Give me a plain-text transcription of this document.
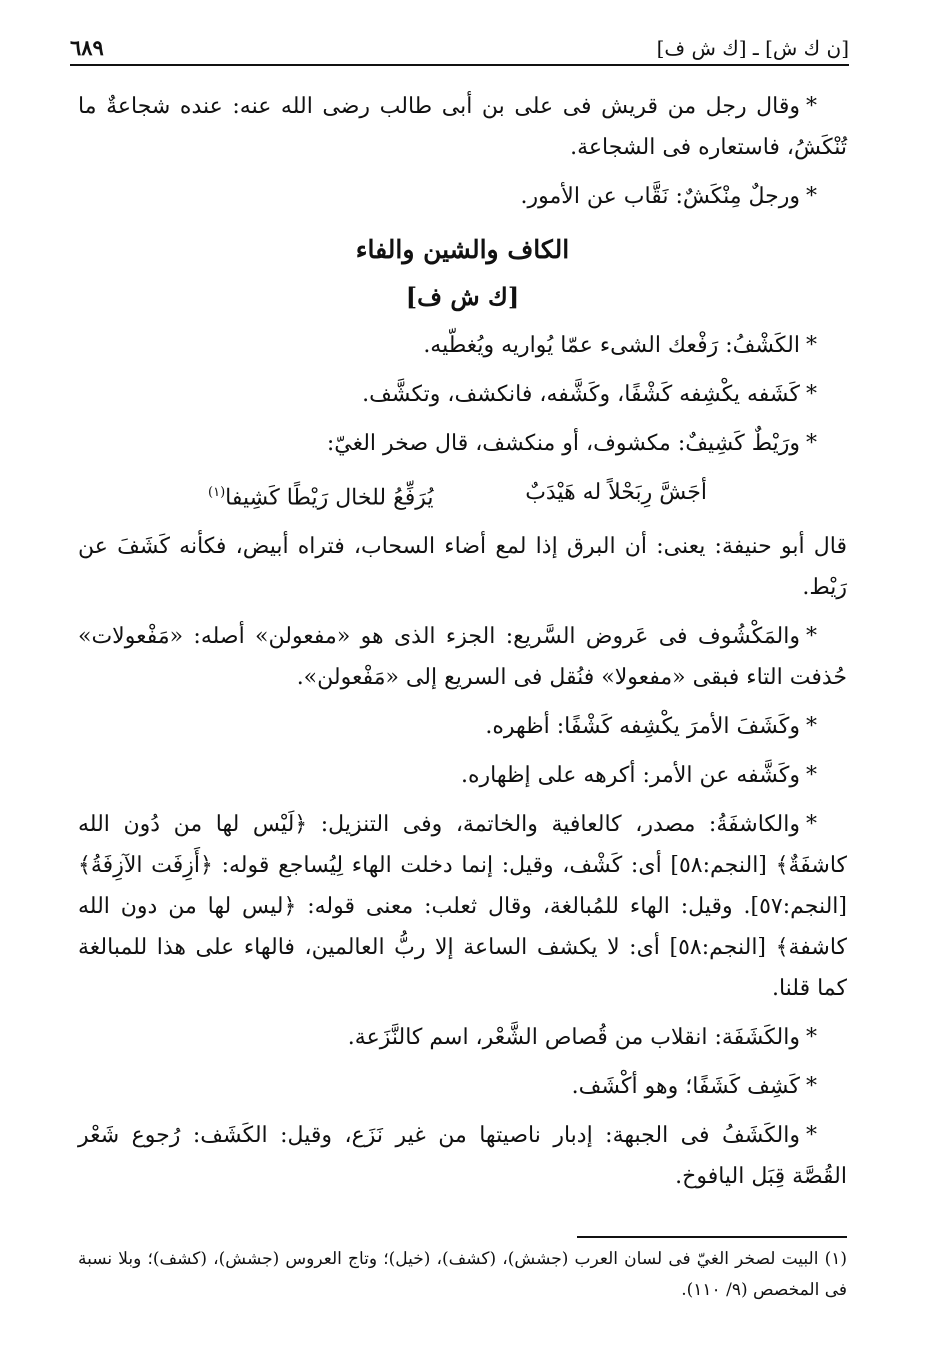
٦٨٩	[ن ك ش] ـ [ك ش ف]

*وقال رجل من قريش فى على بن أبى طالب رضى الله عنه: عنده شجاعةٌ ما تُنْكَشُ، فاستعاره فى الشجاعة.

*ورجلٌ مِنْكَشٌ: نَقَّاب عن الأمور.

الكاف والشين والفاء
[ك ش ف]

*الكَشْفُ: رَفْعك الشىء عمّا يُواريه ويُغطّيه.

*كَشَفه يكْشِفه كَشْفًا، وكَشَّفه، فانكشف، وتكشَّف.

*ورَيْطٌ كَشِيفٌ: مكشوف، أو منكشف، قال صخر الغيّ:

أجَشَّ رِبَحْلاً له هَيْدَبٌ
يُرَفِّعُ للخال رَيْطًا كَشِيفا$^{(١)}$

قال أبو حنيفة: يعنى: أن البرق إذا لمع أضاء السحاب، فتراه أبيض، فكأنه كَشَفَ عن رَيْط.

*والمَكْشُوف فى عَروض السَّريع: الجزء الذى هو «مفعولن» أصله: «مَفْعولات» حُذفت التاء فبقى «مفعولا» فنُقل فى السريع إلى «مَفْعولن».

*وكَشَفَ الأمرَ يكْشِفه كَشْفًا: أظهره.

*وكَشَّفه عن الأمر: أكرهه على إظهاره.

*والكاشفَةُ: مصدر، كالعافية والخاتمة، وفى التنزيل: ﴿لَيْس لها من دُون الله كاشفَةٌ﴾ [النجم:٥٨] أى: كَشْف، وقيل: إنما دخلت الهاء لِيُساجع قوله: ﴿أَزِفَت الآزِفَةُ﴾ [النجم:٥٧]. وقيل: الهاء للمُبالغة، وقال ثعلب: معنى قوله: ﴿ليس لها من دون الله كاشفة﴾ [النجم:٥٨] أى: لا يكشف الساعة إلا ربُّ العالمين، فالهاء على هذا للمبالغة كما قلنا.

*والكَشَفَة: انقلاب من قُصاص الشَّعْر، اسم كالنَّزَعة.

*كَشِف كَشَفًا؛ وهو أكْشَف.

*والكَشَفُ فى الجبهة: إدبار ناصيتها من غير نَزَع، وقيل: الكَشَف: رُجوع شَعْر القُصَّة قِبَل اليافوخ.

(١) البيت لصخر الغيّ فى لسان العرب (جشش)، (كشف)، (خيل)؛ وتاج العروس (جشش)، (كشف)؛ وبلا نسبة فى المخصص (٩/ ١١٠).
